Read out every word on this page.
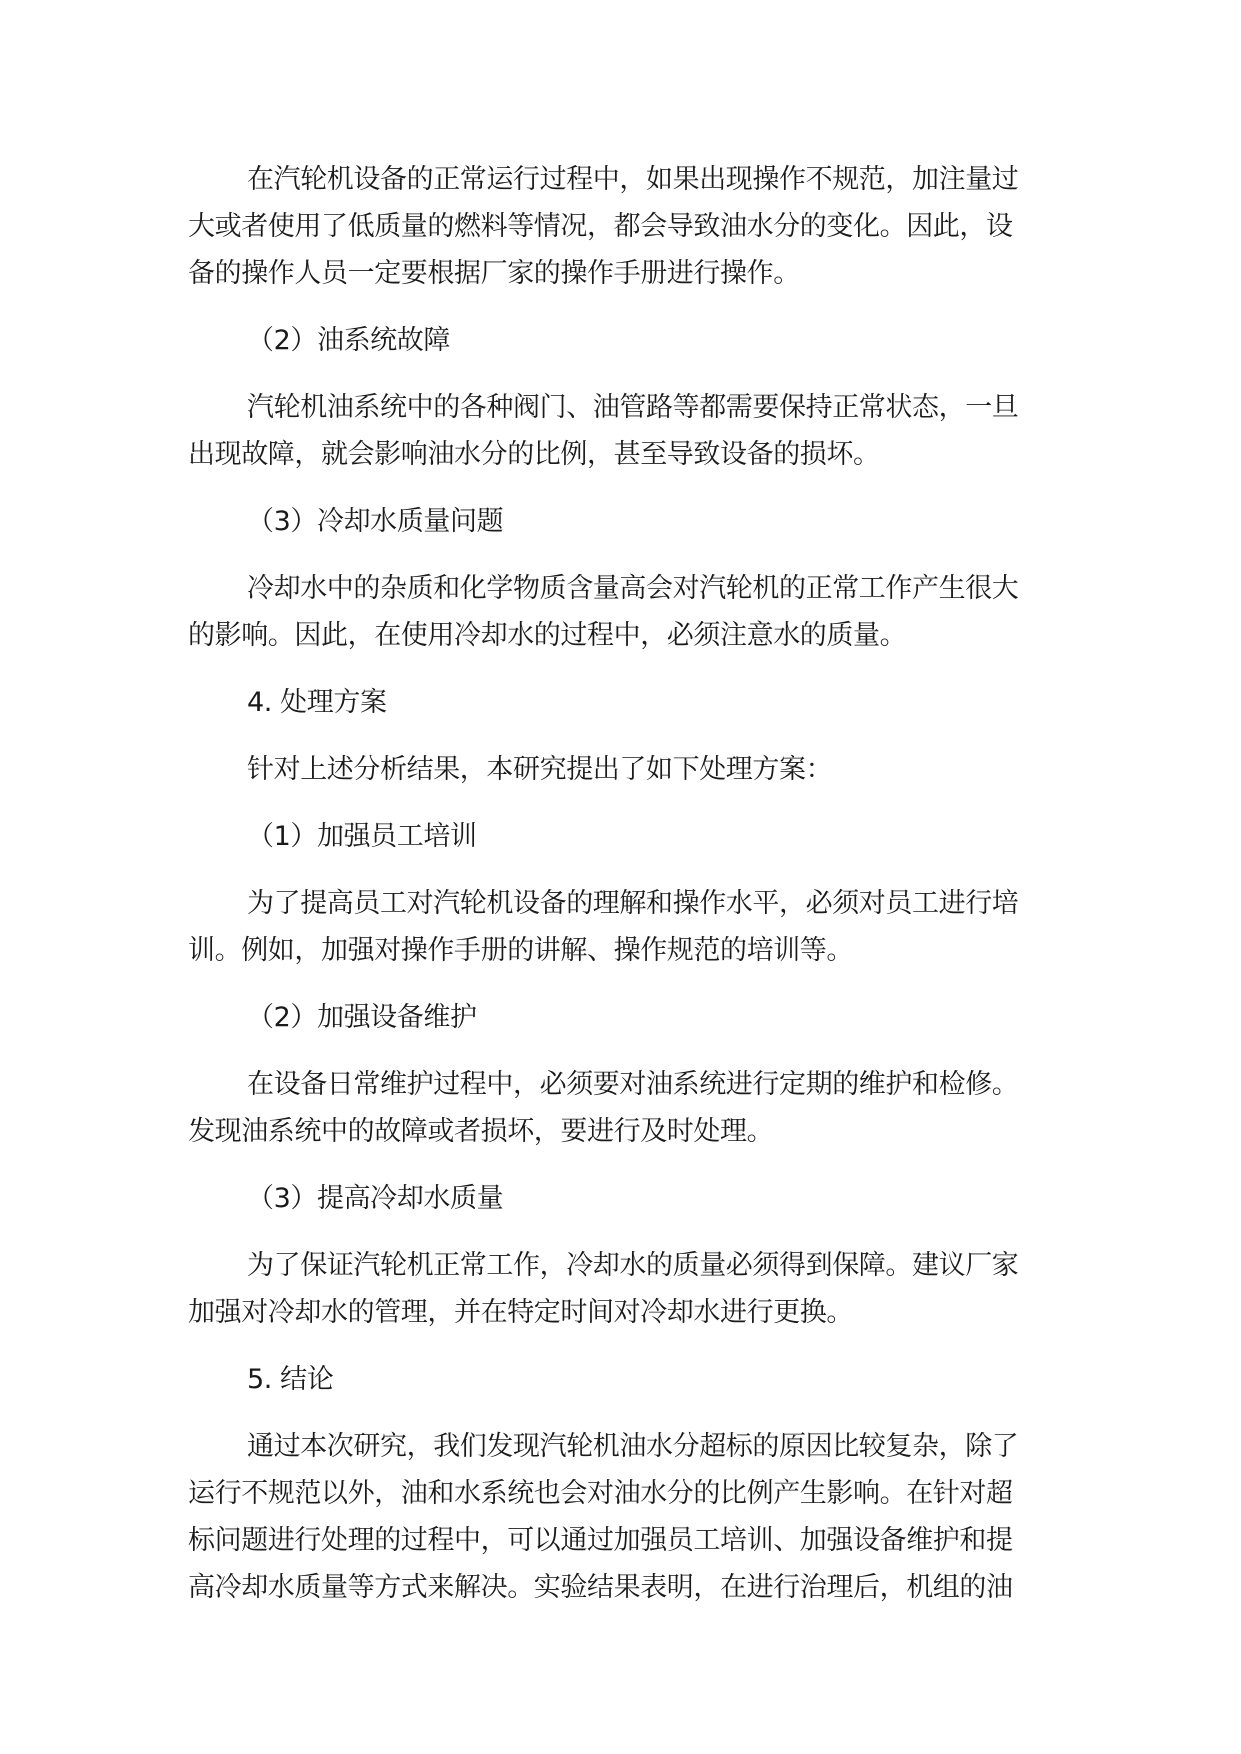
在汽轮机设备的正常运行过程中，如果出现操作不规范，加注量过
大或者使用了低质量的燃料等情况，都会导致油水分的变化。因此，设
备的操作人员一定要根据厂家的操作手册进行操作。

（2）油系统故障

汽轮机油系统中的各种阀门、油管路等都需要保持正常状态，一旦
出现故障，就会影响油水分的比例，甚至导致设备的损坏。

（3）冷却水质量问题

冷却水中的杂质和化学物质含量高会对汽轮机的正常工作产生很大
的影响。因此，在使用冷却水的过程中，必须注意水的质量。

4. 处理方案

针对上述分析结果，本研究提出了如下处理方案：

（1）加强员工培训

为了提高员工对汽轮机设备的理解和操作水平，必须对员工进行培
训。例如，加强对操作手册的讲解、操作规范的培训等。

（2）加强设备维护

在设备日常维护过程中，必须要对油系统进行定期的维护和检修。
发现油系统中的故障或者损坏，要进行及时处理。

（3）提高冷却水质量

为了保证汽轮机正常工作，冷却水的质量必须得到保障。建议厂家
加强对冷却水的管理，并在特定时间对冷却水进行更换。

5. 结论

通过本次研究，我们发现汽轮机油水分超标的原因比较复杂，除了
运行不规范以外，油和水系统也会对油水分的比例产生影响。在针对超
标问题进行处理的过程中，可以通过加强员工培训、加强设备维护和提
高冷却水质量等方式来解决。实验结果表明，在进行治理后，机组的油
